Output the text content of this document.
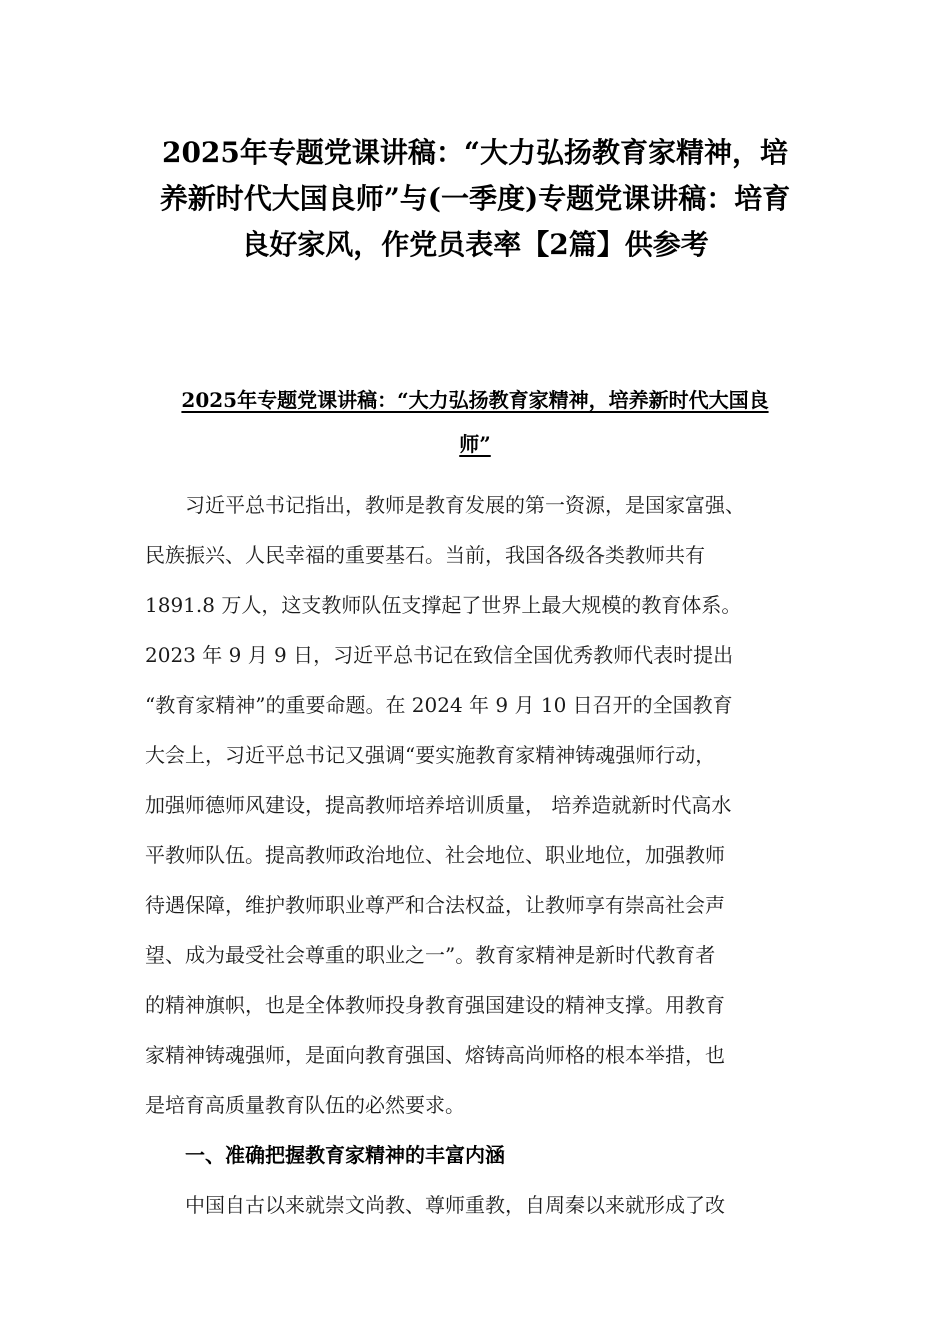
2025年专题党课讲稿：“大力弘扬教育家精神，培
养新时代大国良师”与(一季度)专题党课讲稿：培育
良好家风，作党员表率【2篇】供参考
2025年专题党课讲稿：“大力弘扬教育家精神，培养新时代大国良
师”
习近平总书记指出，教师是教育发展的第一资源，是国家富强、
民族振兴、人民幸福的重要基石。当前，我国各级各类教师共有
1891.8 万人，这支教师队伍支撑起了世界上最大规模的教育体系。
2023 年 9 月 9 日，习近平总书记在致信全国优秀教师代表时提出
“教育家精神”的重要命题。在 2024 年 9 月 10 日召开的全国教育
大会上，习近平总书记又强调“要实施教育家精神铸魂强师行动，
加强师德师风建设，提高教师培养培训质量， 培养造就新时代高水
平教师队伍。提高教师政治地位、社会地位、职业地位，加强教师
待遇保障，维护教师职业尊严和合法权益，让教师享有崇高社会声
望、成为最受社会尊重的职业之一”。教育家精神是新时代教育者
的精神旗帜，也是全体教师投身教育强国建设的精神支撑。用教育
家精神铸魂强师，是面向教育强国、熔铸高尚师格的根本举措，也
是培育高质量教育队伍的必然要求。
一、准确把握教育家精神的丰富内涵
中国自古以来就崇文尚教、尊师重教，自周秦以来就形成了改
